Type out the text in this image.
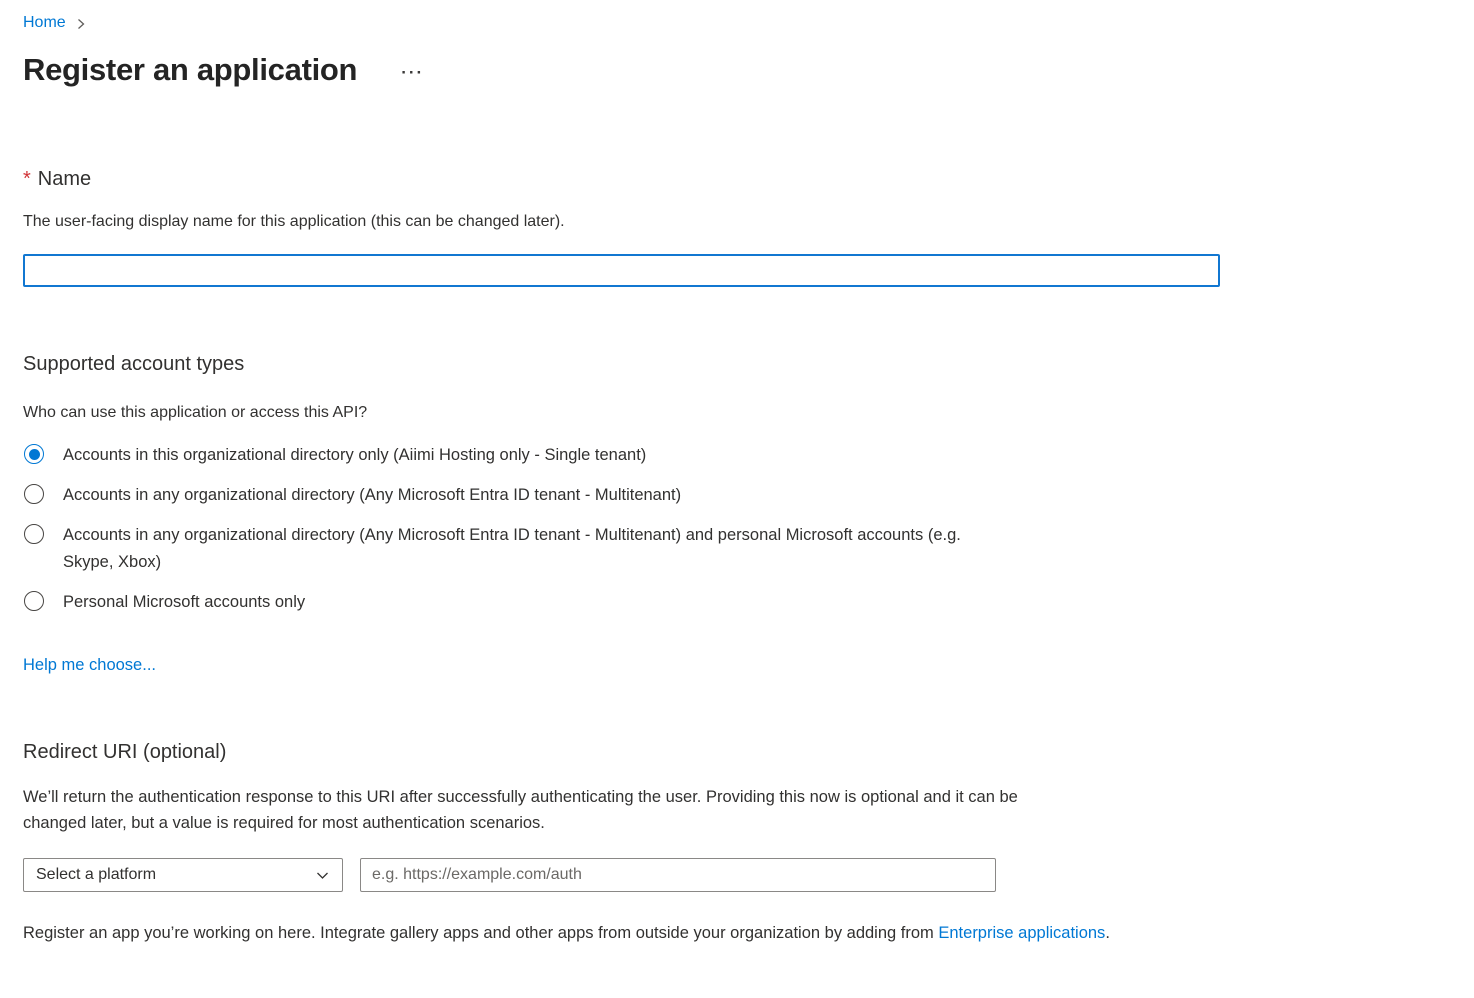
Home
Register an application	···
* Name
The user-facing display name for this application (this can be changed later).
Supported account types
Who can use this application or access this API?
Accounts in this organizational directory only (Aiimi Hosting only - Single tenant)
Accounts in any organizational directory (Any Microsoft Entra ID tenant - Multitenant)
Accounts in any organizational directory (Any Microsoft Entra ID tenant - Multitenant) and personal Microsoft accounts (e.g. Skype, Xbox)
Personal Microsoft accounts only
Help me choose...
Redirect URI (optional)
We’ll return the authentication response to this URI after successfully authenticating the user. Providing this now is optional and it can be changed later, but a value is required for most authentication scenarios.
Select a platform
e.g. https://example.com/auth
Register an app you’re working on here. Integrate gallery apps and other apps from outside your organization by adding from Enterprise applications.
